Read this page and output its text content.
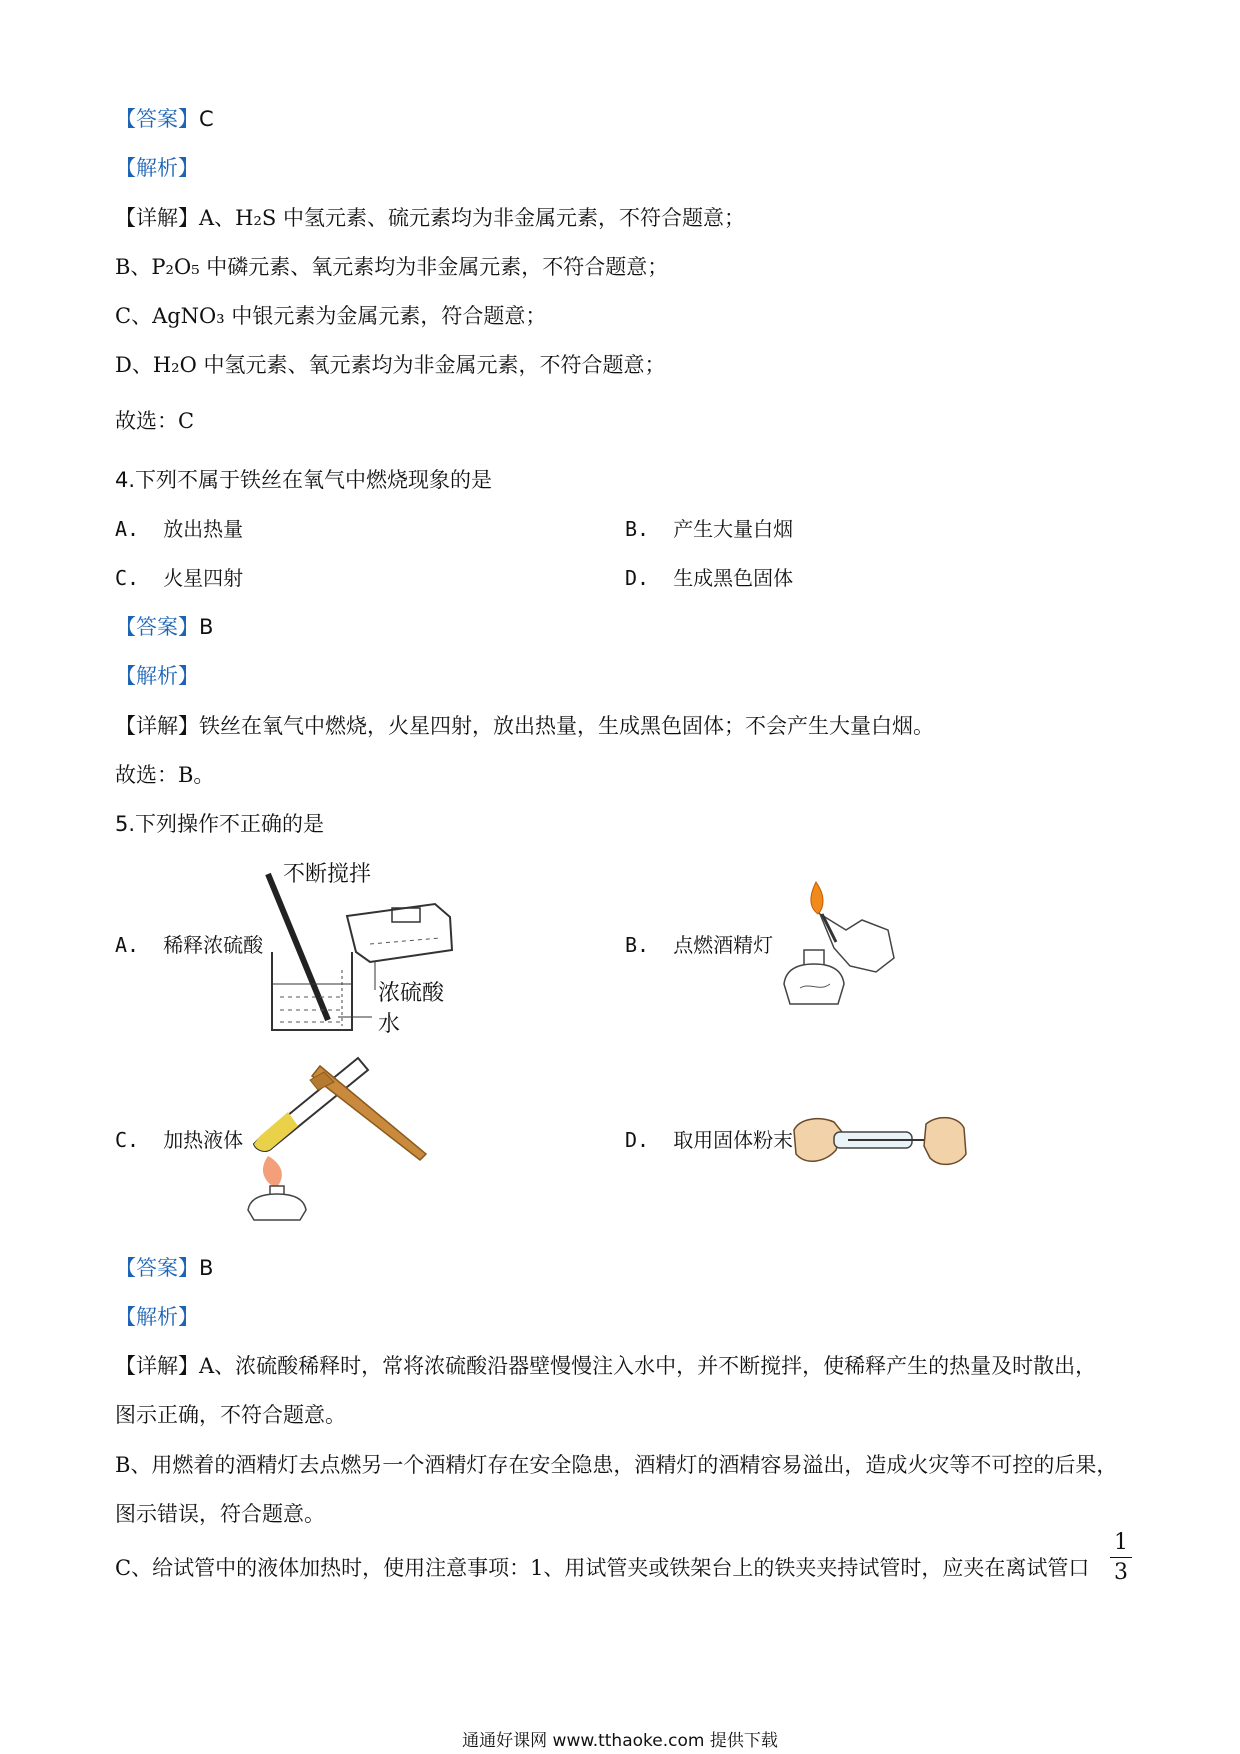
【答案】C
【解析】
【详解】A、H₂S 中氢元素、硫元素均为非金属元素，不符合题意；
B、P₂O₅ 中磷元素、氧元素均为非金属元素，不符合题意；
C、AgNO₃ 中银元素为金属元素，符合题意；
D、H₂O 中氢元素、氧元素均为非金属元素，不符合题意；
故选：C
4.下列不属于铁丝在氧气中燃烧现象的是
A. 放出热量	B. 产生大量白烟
C. 火星四射	D. 生成黑色固体
【答案】B
【解析】
【详解】铁丝在氧气中燃烧，火星四射，放出热量，生成黑色固体；不会产生大量白烟。
故选：B。
5.下列操作不正确的是
A. 稀释浓硫酸	B. 点燃酒精灯
C. 加热液体	D. 取用固体粉末
不断搅拌
浓硫酸
水
【答案】B
【解析】
【详解】A、浓硫酸稀释时，常将浓硫酸沿器壁慢慢注入水中，并不断搅拌，使稀释产生的热量及时散出，
图示正确，不符合题意。
B、用燃着的酒精灯去点燃另一个酒精灯存在安全隐患，酒精灯的酒精容易溢出，造成火灾等不可控的后果，
图示错误，符合题意。
C、给试管中的液体加热时，使用注意事项：1、用试管夹或铁架台上的铁夹夹持试管时，应夹在离试管口
1
3
通通好课网 www.tthaoke.com 提供下载
